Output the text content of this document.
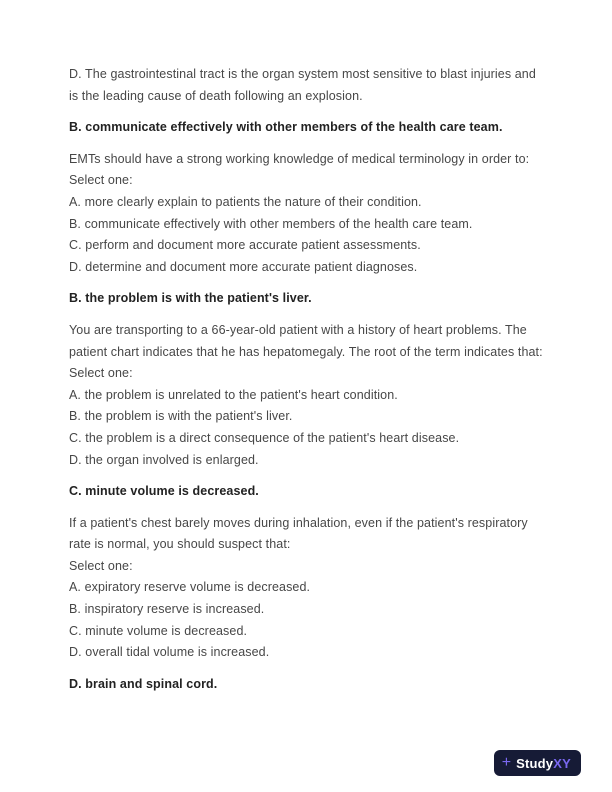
D. The gastrointestinal tract is the organ system most sensitive to blast injuries and is the leading cause of death following an explosion.

B. communicate effectively with other members of the health care team.

EMTs should have a strong working knowledge of medical terminology in order to:

Select one:

A. more clearly explain to patients the nature of their condition.

B. communicate effectively with other members of the health care team.

C. perform and document more accurate patient assessments.

D. determine and document more accurate patient diagnoses.

B. the problem is with the patient's liver.

You are transporting to a 66-year-old patient with a history of heart problems. The patient chart indicates that he has hepatomegaly. The root of the term indicates that:

Select one:

A. the problem is unrelated to the patient's heart condition.

B. the problem is with the patient's liver.

C. the problem is a direct consequence of the patient's heart disease.

D. the organ involved is enlarged.

C. minute volume is decreased.

If a patient's chest barely moves during inhalation, even if the patient's respiratory rate is normal, you should suspect that:

Select one:

A. expiratory reserve volume is decreased.

B. inspiratory reserve is increased.

C. minute volume is decreased.

D. overall tidal volume is increased.

D. brain and spinal cord.

+ StudyXY
